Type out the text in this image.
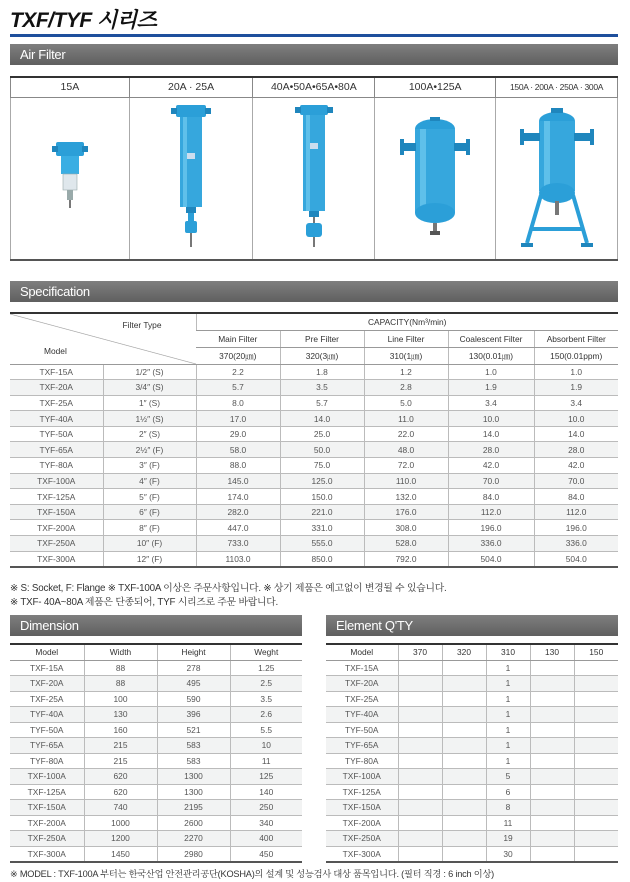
TXF/TYF 시리즈
Air Filter
15A	20A · 25A	40A•50A•65A•80A	100A•125A	150A · 200A · 250A · 300A

Specification
Filter Type
Model		CAPACITY(Nm³/min)				
		Main Filter	Pre Filter	Line Filter	Coalescent Filter	Absorbent Filter
		370(20㎛)	320(3㎛)	310(1㎛)	130(0.01㎛)	150(0.01ppm)
TXF-15A	1/2″ (S)	2.2	1.8	1.2	1.0	1.0
TXF-20A	3/4″ (S)	5.7	3.5	2.8	1.9	1.9
TXF-25A	1″ (S)	8.0	5.7	5.0	3.4	3.4
TYF-40A	1½″ (S)	17.0	14.0	11.0	10.0	10.0
TYF-50A	2″ (S)	29.0	25.0	22.0	14.0	14.0
TYF-65A	2½″ (F)	58.0	50.0	48.0	28.0	28.0
TYF-80A	3″ (F)	88.0	75.0	72.0	42.0	42.0
TXF-100A	4″ (F)	145.0	125.0	110.0	70.0	70.0
TXF-125A	5″ (F)	174.0	150.0	132.0	84.0	84.0
TXF-150A	6″ (F)	282.0	221.0	176.0	112.0	112.0
TXF-200A	8″ (F)	447.0	331.0	308.0	196.0	196.0
TXF-250A	10″ (F)	733.0	555.0	528.0	336.0	336.0
TXF-300A	12″ (F)	1103.0	850.0	792.0	504.0	504.0
※ S: Socket, F: Flange ※ TXF-100A 이상은 주문사항입니다. ※ 상기 제품은 예고없이 변경될 수 있습니다.
※ TXF- 40A~80A 제품은 단종되어, TYF 시리즈로 주문 바랍니다.
Dimension	Element Q'TY
Model	Width	Height	Weght
TXF-15A	88	278	1.25
TXF-20A	88	495	2.5
TXF-25A	100	590	3.5
TYF-40A	130	396	2.6
TYF-50A	160	521	5.5
TYF-65A	215	583	10
TYF-80A	215	583	11
TXF-100A	620	1300	125
TXF-125A	620	1300	140
TXF-150A	740	2195	250
TXF-200A	1000	2600	340
TXF-250A	1200	2270	400
TXF-300A	1450	2980	450
Model	370	320	310	130	150
TXF-15A			1		
TXF-20A			1		
TXF-25A			1		
TYF-40A			1		
TYF-50A			1		
TYF-65A			1		
TYF-80A			1		
TXF-100A			5		
TXF-125A			6		
TXF-150A			8		
TXF-200A			11		
TXF-250A			19		
TXF-300A			30		
※ MODEL : TXF-100A 부터는 한국산업 안전관리공단(KOSHA)의 설계 및 성능검사 대상 품목입니다. (필터 직경 : 6 inch 이상)
